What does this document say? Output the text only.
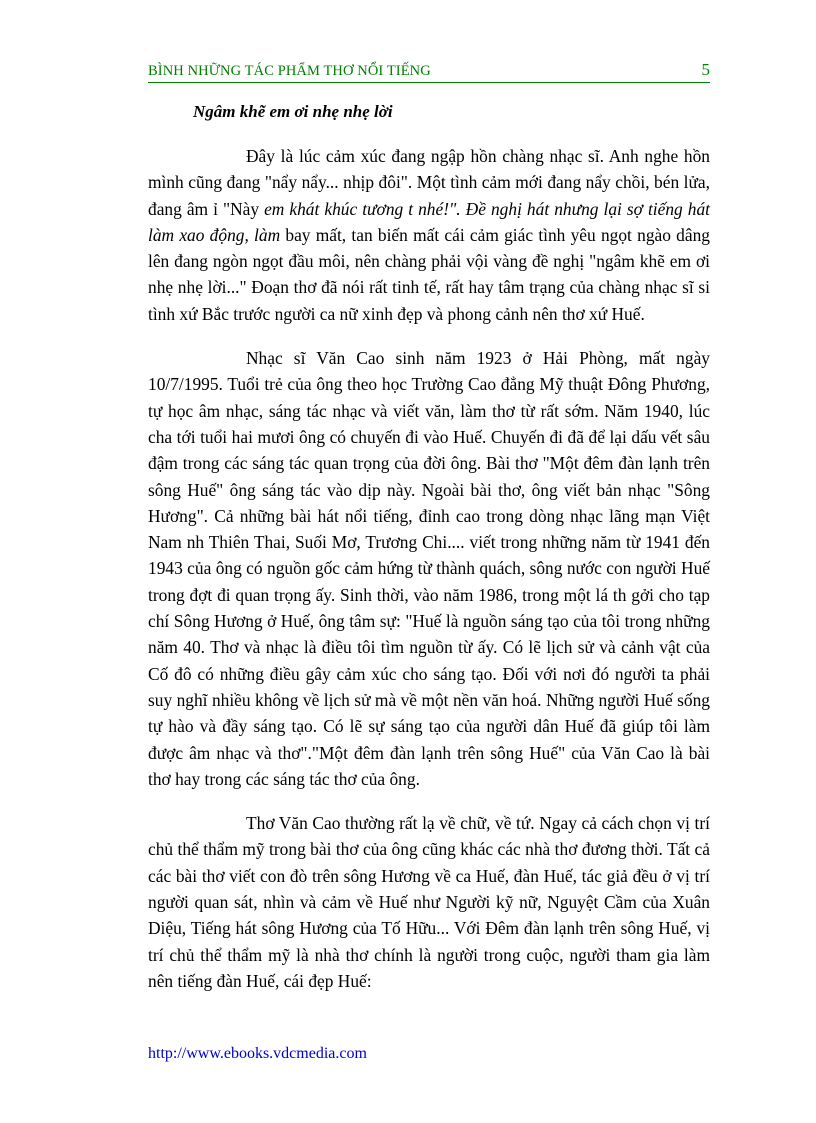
BÌNH NHỮNG TÁC PHẨM THƠ NỔI TIẾNG	5
Ngâm khẽ em ơi nhẹ nhẹ lời

Đây là lúc cảm xúc đang ngập hồn chàng nhạc sĩ. Anh nghe hồn mình cũng đang "nẩy nẩy... nhịp đôi". Một tình cảm mới đang nẩy chồi, bén lửa, đang âm ỉ "Này em khát khúc tương t nhé!". Đề nghị hát nhưng lại sợ tiếng hát làm xao động, làm bay mất, tan biến mất cái cảm giác tình yêu ngọt ngào dâng lên đang ngòn ngọt đầu môi, nên chàng phải vội vàng đề nghị "ngâm khẽ em ơi nhẹ nhẹ lời..." Đoạn thơ đã nói rất tinh tế, rất hay tâm trạng của chàng nhạc sĩ si tình xứ Bắc trước người ca nữ xinh đẹp và phong cảnh nên thơ xứ Huế.

Nhạc sĩ Văn Cao sinh năm 1923 ở Hải Phòng, mất ngày 10/7/1995. Tuổi trẻ của ông theo học Trường Cao đẳng Mỹ thuật Đông Phương, tự học âm nhạc, sáng tác nhạc và viết văn, làm thơ từ rất sớm. Năm 1940, lúc cha tới tuổi hai mươi ông có chuyến đi vào Huế. Chuyến đi đã để lại dấu vết sâu đậm trong các sáng tác quan trọng của đời ông. Bài thơ "Một đêm đàn lạnh trên sông Huế" ông sáng tác vào dịp này. Ngoài bài thơ, ông viết bản nhạc "Sông Hương". Cả những bài hát nổi tiếng, đỉnh cao trong dòng nhạc lãng mạn Việt Nam nh Thiên Thai, Suối Mơ, Trương Chi.... viết trong những năm từ 1941 đến 1943 của ông có nguồn gốc cảm hứng từ thành quách, sông nước con người Huế trong đợt đi quan trọng ấy. Sinh thời, vào năm 1986, trong một lá th gởi cho tạp chí Sông Hương ở Huế, ông tâm sự: "Huế là nguồn sáng tạo của tôi trong những năm 40. Thơ và nhạc là điều tôi tìm nguồn từ ấy. Có lẽ lịch sử và cảnh vật của Cố đô có những điều gây cảm xúc cho sáng tạo. Đối với nơi đó người ta phải suy nghĩ nhiều không về lịch sử mà về một nền văn hoá. Những người Huế sống tự hào và đầy sáng tạo. Có lẽ sự sáng tạo của người dân Huế đã giúp tôi làm được âm nhạc và thơ"."Một đêm đàn lạnh trên sông Huế" của Văn Cao là bài thơ hay trong các sáng tác thơ của ông.

Thơ Văn Cao thường rất lạ về chữ, về tứ. Ngay cả cách chọn vị trí chủ thể thẩm mỹ trong bài thơ của ông cũng khác các nhà thơ đương thời. Tất cả các bài thơ viết con đò trên sông Hương về ca Huế, đàn Huế, tác giả đều ở vị trí người quan sát, nhìn và cảm về Huế như Người kỹ nữ, Nguyệt Cầm của Xuân Diệu, Tiếng hát sông Hương của Tố Hữu... Với Đêm đàn lạnh trên sông Huế, vị trí chủ thể thẩm mỹ là nhà thơ chính là người trong cuộc, người tham gia làm nên tiếng đàn Huế, cái đẹp Huế:

http://www.ebooks.vdcmedia.com
